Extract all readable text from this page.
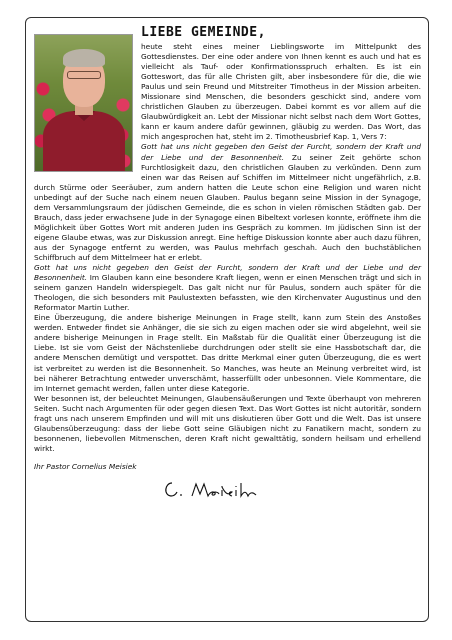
LIEBE GEMEINDE,

heute steht eines meiner Lieblingsworte im Mittelpunkt des Gottesdienstes. Der eine oder andere von Ihnen kennt es auch und hat es vielleicht als Tauf- oder Konfirmationsspruch erhalten. Es ist ein Gotteswort, das für alle Christen gilt, aber insbesondere für die, die wie Paulus und sein Freund und Mitstreiter Timotheus in der Mission arbeiten. Missionare sind Menschen, die besonders geschickt sind, andere vom christlichen Glauben zu überzeugen. Dabei kommt es vor allem auf die Glaubwürdigkeit an. Lebt der Missionar nicht selbst nach dem Wort Gottes, kann er kaum andere dafür gewinnen, gläubig zu werden. Das Wort, das mich angesprochen hat, steht im 2. Timotheusbrief Kap. 1, Vers 7:

Gott hat uns nicht gegeben den Geist der Furcht, sondern der Kraft und der Liebe und der Besonnenheit. Zu seiner Zeit gehörte schon Furchtlosigkeit dazu, den christlichen Glauben zu verkünden. Denn zum einen war das Reisen auf Schiffen im Mittelmeer nicht ungefährlich, z.B. durch Stürme oder Seeräuber, zum andern hatten die Leute schon eine Religion und waren nicht unbedingt auf der Suche nach einem neuen Glauben. Paulus begann seine Mission in der Synagoge, dem Versammlungsraum der jüdischen Gemeinde, die es schon in vielen römischen Städten gab. Der Brauch, dass jeder erwachsene Jude in der Synagoge einen Bibeltext vorlesen konnte, eröffnete ihm die Möglichkeit über Gottes Wort mit anderen Juden ins Gespräch zu kommen. Im jüdischen Sinn ist der eigene Glaube etwas, was zur Diskussion anregt. Eine heftige Diskussion konnte aber auch dazu führen, aus der Synagoge entfernt zu werden, was Paulus mehrfach geschah. Auch den buchstäblichen Schiffbruch auf dem Mittelmeer hat er erlebt.

Gott hat uns nicht gegeben den Geist der Furcht, sondern der Kraft und der Liebe und der Besonnenheit. Im Glauben kann eine besondere Kraft liegen, wenn er einen Menschen trägt und sich in seinem ganzen Handeln widerspiegelt. Das galt nicht nur für Paulus, sondern auch später für die Theologen, die sich besonders mit Paulustexten befassten, wie den Kirchenvater Augustinus und den Reformator Martin Luther.

Eine Überzeugung, die andere bisherige Meinungen in Frage stellt, kann zum Stein des Anstoßes werden. Entweder findet sie Anhänger, die sie sich zu eigen machen oder sie wird abgelehnt, weil sie andere bisherige Meinungen in Frage stellt. Ein Maßstab für die Qualität einer Überzeugung ist die Liebe. Ist sie vom Geist der Nächstenliebe durchdrungen oder stellt sie eine Hassbotschaft dar, die andere Menschen demütigt und verspottet. Das dritte Merkmal einer guten Überzeugung, die es wert ist verbreitet zu werden ist die Besonnenheit. So Manches, was heute an Meinung verbreitet wird, ist bei näherer Betrachtung entweder unverschämt, hasserfüllt oder unbesonnen. Viele Kommentare, die im Internet gemacht werden, fallen unter diese Kategorie.

Wer besonnen ist, der beleuchtet Meinungen, Glaubensäußerungen und Texte überhaupt von mehreren Seiten. Sucht nach Argumenten für oder gegen diesen Text. Das Wort Gottes ist nicht autoritär, sondern fragt uns nach unserem Empfinden und will mit uns diskutieren über Gott und die Welt. Das ist unsere Glaubensüberzeugung: dass der liebe Gott seine Gläubigen nicht zu Fanatikern macht, sondern zu besonnenen, liebevollen Mitmenschen, deren Kraft nicht gewalttätig, sondern heilsam und erhellend wirkt.

Ihr Pastor Cornelius Meisiek
